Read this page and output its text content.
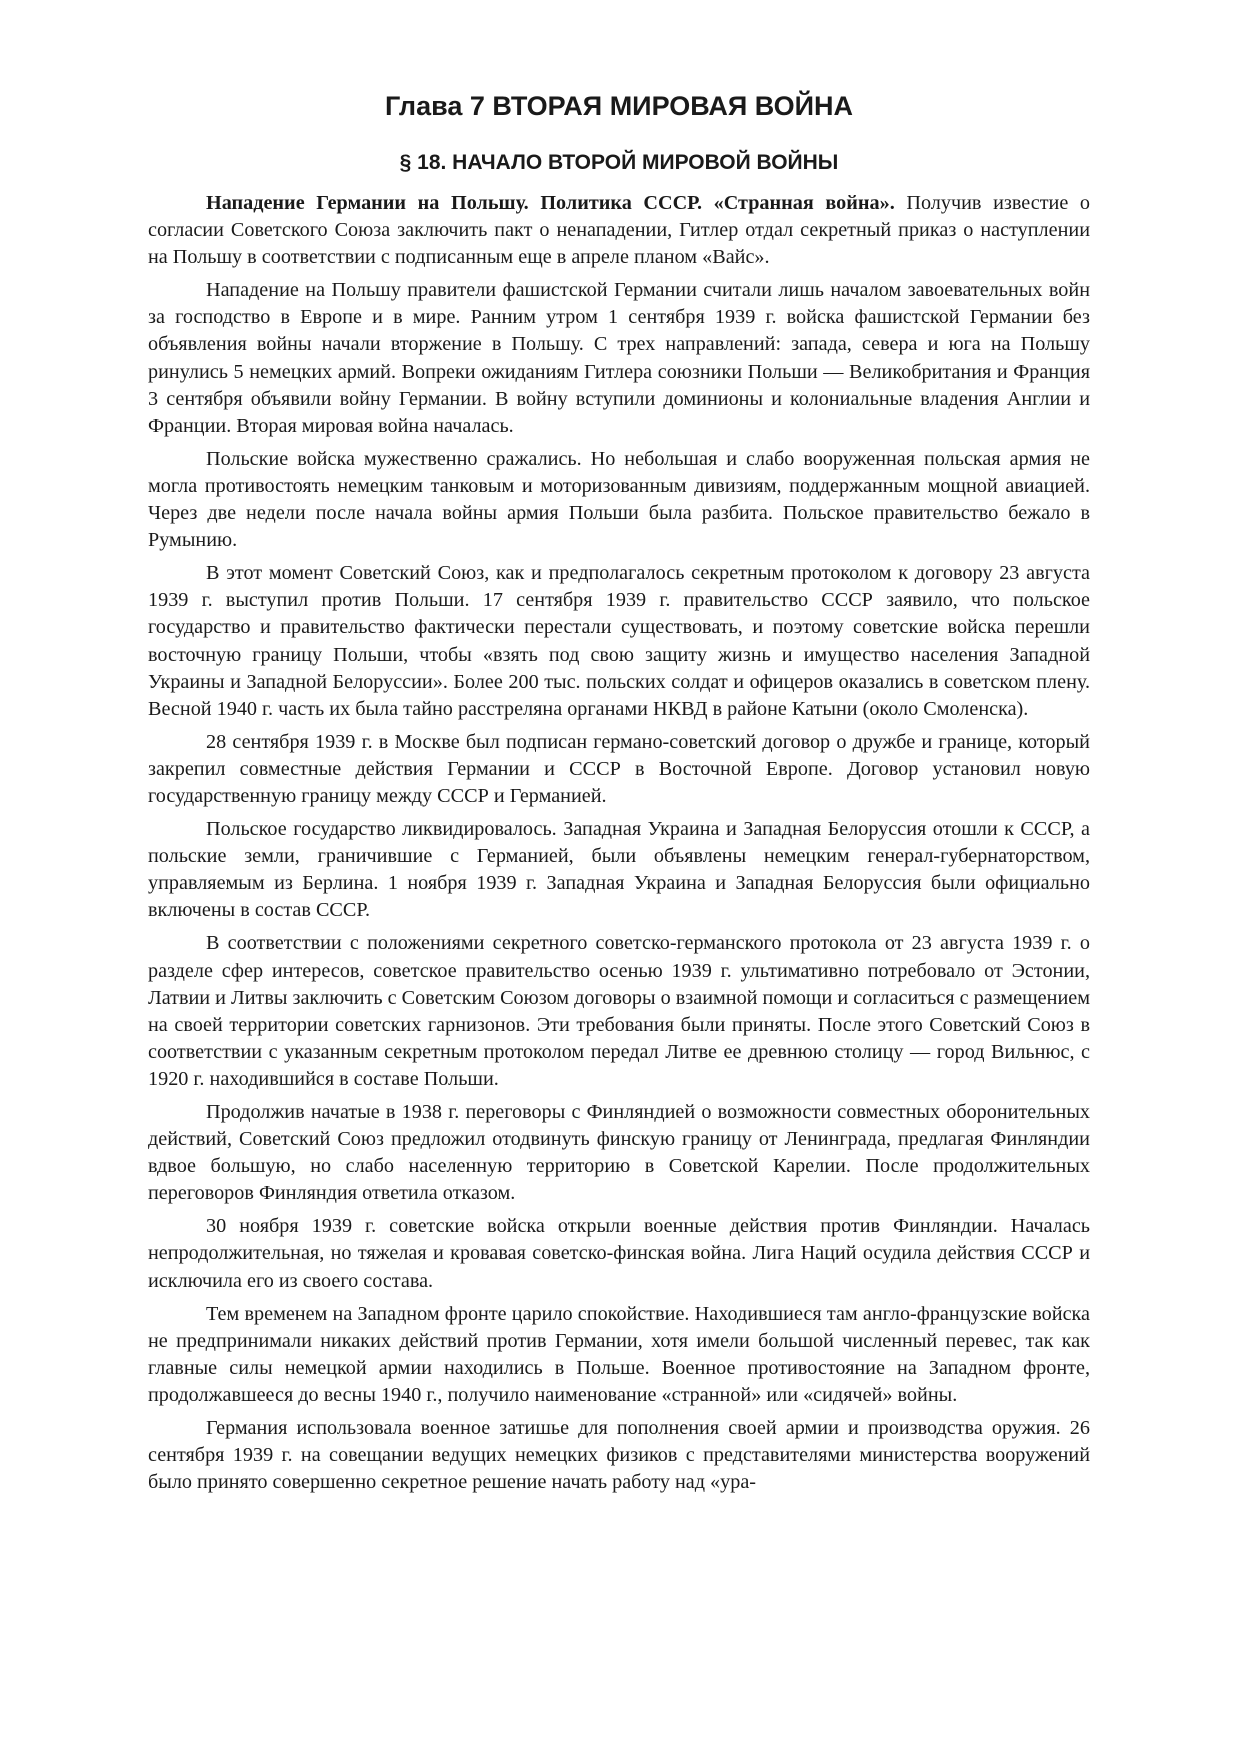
Глава 7 ВТОРАЯ МИРОВАЯ ВОЙНА
§ 18. НАЧАЛО ВТОРОЙ МИРОВОЙ ВОЙНЫ

Нападение Германии на Польшу. Политика СССР. «Странная война». Получив известие о согласии Советского Союза заключить пакт о ненападении, Гитлер отдал секретный приказ о наступлении на Польшу в соответствии с подписанным еще в апреле планом «Вайс».

Нападение на Польшу правители фашистской Германии считали лишь началом завоевательных войн за господство в Европе и в мире. Ранним утром 1 сентября 1939 г. войска фашистской Германии без объявления войны начали вторжение в Польшу. С трех направлений: запада, севера и юга на Польшу ринулись 5 немецких армий. Вопреки ожиданиям Гитлера союзники Польши — Великобритания и Франция 3 сентября объявили войну Германии. В войну вступили доминионы и колониальные владения Англии и Франции. Вторая мировая война началась.

Польские войска мужественно сражались. Но небольшая и слабо вооруженная польская армия не могла противостоять немецким танковым и моторизованным дивизиям, поддержанным мощной авиацией. Через две недели после начала войны армия Польши была разбита. Польское правительство бежало в Румынию.

В этот момент Советский Союз, как и предполагалось секретным протоколом к договору 23 августа 1939 г. выступил против Польши. 17 сентября 1939 г. правительство СССР заявило, что польское государство и правительство фактически перестали существовать, и поэтому советские войска перешли восточную границу Польши, чтобы «взять под свою защиту жизнь и имущество населения Западной Украины и Западной Белоруссии». Более 200 тыс. польских солдат и офицеров оказались в советском плену. Весной 1940 г. часть их была тайно расстреляна органами НКВД в районе Катыни (около Смоленска).

28 сентября 1939 г. в Москве был подписан германо-советский договор о дружбе и границе, который закрепил совместные действия Германии и СССР в Восточной Европе. Договор установил новую государственную границу между СССР и Германией.

Польское государство ликвидировалось. Западная Украина и Западная Белоруссия отошли к СССР, а польские земли, граничившие с Германией, были объявлены немецким генерал-губернаторством, управляемым из Берлина. 1 ноября 1939 г. Западная Украина и Западная Белоруссия были официально включены в состав СССР.

В соответствии с положениями секретного советско-германского протокола от 23 августа 1939 г. о разделе сфер интересов, советское правительство осенью 1939 г. ультимативно потребовало от Эстонии, Латвии и Литвы заключить с Советским Союзом договоры о взаимной помощи и согласиться с размещением на своей территории советских гарнизонов. Эти требования были приняты. После этого Советский Союз в соответствии с указанным секретным протоколом передал Литве ее древнюю столицу — город Вильнюс, с 1920 г. находившийся в составе Польши.

Продолжив начатые в 1938 г. переговоры с Финляндией о возможности совместных оборонительных действий, Советский Союз предложил отодвинуть финскую границу от Ленинграда, предлагая Финляндии вдвое большую, но слабо населенную территорию в Советской Карелии. После продолжительных переговоров Финляндия ответила отказом.

30 ноября 1939 г. советские войска открыли военные действия против Финляндии. Началась непродолжительная, но тяжелая и кровавая советско-финская война. Лига Наций осудила действия СССР и исключила его из своего состава.

Тем временем на Западном фронте царило спокойствие. Находившиеся там англо-французские войска не предпринимали никаких действий против Германии, хотя имели большой численный перевес, так как главные силы немецкой армии находились в Польше. Военное противостояние на Западном фронте, продолжавшееся до весны 1940 г., получило наименование «странной» или «сидячей» войны.

Германия использовала военное затишье для пополнения своей армии и производства оружия. 26 сентября 1939 г. на совещании ведущих немецких физиков с представителями министерства вооружений было принято совершенно секретное решение начать работу над «ура-
